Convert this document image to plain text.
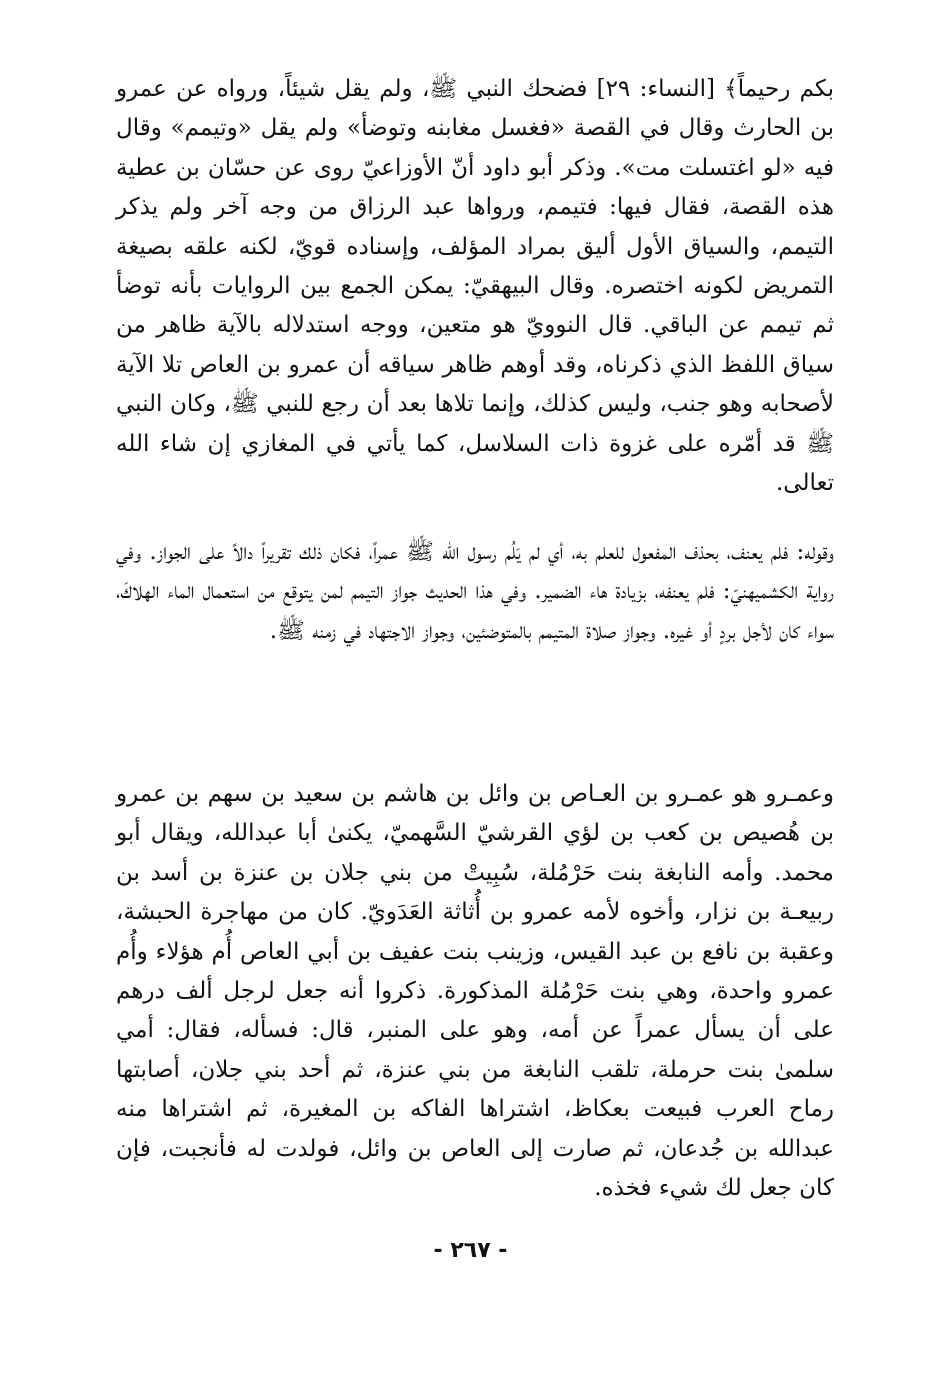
بكم رحيماً﴾ [النساء: ٢٩] فضحك النبي ﷺ، ولم يقل شيئاً، ورواه عن عمرو بن الحارث وقال في القصة «فغسل مغابنه وتوضأ» ولم يقل «وتيمم» وقال فيه «لو اغتسلت مت». وذكر أبو داود أنّ الأوزاعيّ روى عن حسّان بن عطية هذه القصة، فقال فيها: فتيمم، ورواها عبد الرزاق من وجه آخر ولم يذكر التيمم، والسياق الأول أليق بمراد المؤلف، وإسناده قويّ، لكنه علقه بصيغة التمريض لكونه اختصره. وقال البيهقيّ: يمكن الجمع بين الروايات بأنه توضأ ثم تيمم عن الباقي. قال النوويّ هو متعين، ووجه استدلاله بالآية ظاهر من سياق اللفظ الذي ذكرناه، وقد أوهم ظاهر سياقه أن عمرو بن العاص تلا الآية لأصحابه وهو جنب، وليس كذلك، وإنما تلاها بعد أن رجع للنبي ﷺ، وكان النبي ﷺ قد أمّره على غزوة ذات السلاسل، كما يأتي في المغازي إن شاء الله تعالى.

وقوله: فلم يعنف، بحذف المفعول للعلم به، أي لم يَلُم رسول الله ﷺ عمراً، فكان ذلك تقريراً دالاً على الجواز. وفي رواية الكشميهنيّ: فلم يعنفه، بزيادة هاء الضمير. وفي هذا الحديث جواز التيمم لمن يتوقع من استعمال الماء الهلاكَ، سواء كان لأجل بردٍ أو غيره. وجواز صلاة المتيمم بالمتوضئين، وجواز الاجتهاد في زمنه ﷺ.

وعمـرو هو عمـرو بن العـاص بن وائل بن هاشم بن سعيد بن سهم بن عمرو بن هُصيص بن كعب بن لؤي القرشيّ السَّهميّ، يكنىٰ أبا عبدالله، ويقال أبو محمد. وأمه النابغة بنت حَرْمُلة، سُبِيتْ من بني جلان بن عنزة بن أسد بن ربيعـة بن نزار، وأخوه لأمه عمرو بن أُثاثة العَدَويّ. كان من مهاجرة الحبشة، وعقبة بن نافع بن عبد القيس، وزينب بنت عفيف بن أبي العاص أُم هؤلاء وأُم عمرو واحدة، وهي بنت حَرْمُلة المذكورة. ذكروا أنه جعل لرجل ألف درهم على أن يسأل عمراً عن أمه، وهو على المنبر، قال: فسأله، فقال: أمي سلمىٰ بنت حرملة، تلقب النابغة من بني عنزة، ثم أحد بني جلان، أصابتها رماح العرب فبيعت بعكاظ، اشتراها الفاكه بن المغيرة، ثم اشتراها منه عبدالله بن جُدعان، ثم صارت إلى العاص بن وائل، فولدت له فأنجبت، فإن كان جعل لك شيء فخذه.

- ٢٦٧ -
